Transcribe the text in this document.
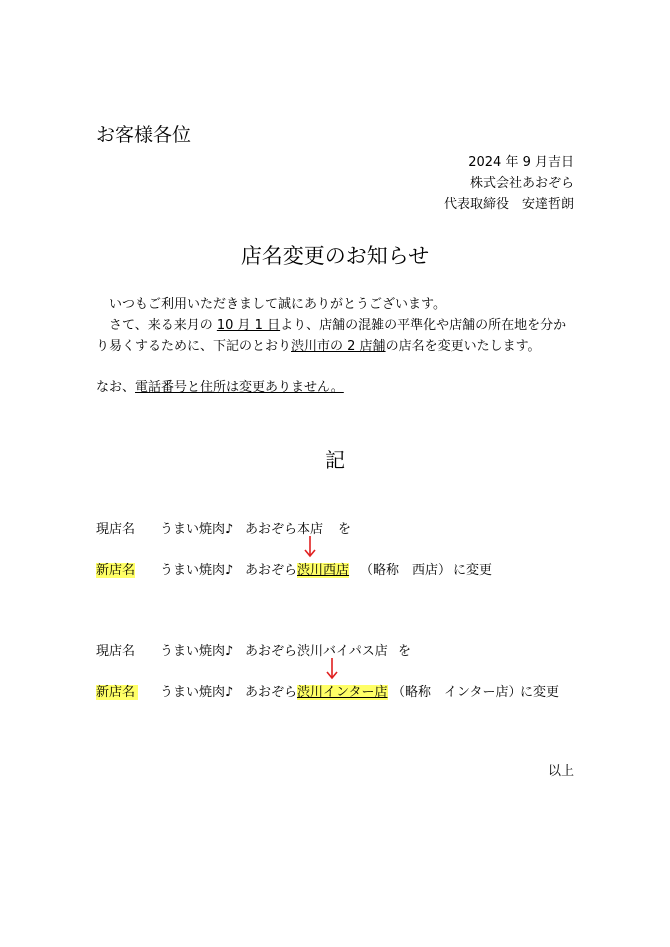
お客様各位
2024 年 9 月吉日
株式会社あおぞら
代表取締役　安達哲朗
店名変更のお知らせ
いつもご利用いただきまして誠にありがとうございます。
さて、来る来月の 10 月 1 日より、店舗の混雑の平準化や店舗の所在地を分か
り易くするために、下記のとおり渋川市の 2 店舗の店名を変更いたします。
なお、電話番号と住所は変更ありません。
記
現店名 うまい焼肉♪ あおぞら本店 を
新店名 うまい焼肉♪ あおぞら渋川西店 （略称　西店） に変更
現店名 うまい焼肉♪ あおぞら渋川バイパス店 を
新店名 うまい焼肉♪ あおぞら渋川インター店 （略称　インター店）
に変更
以上
